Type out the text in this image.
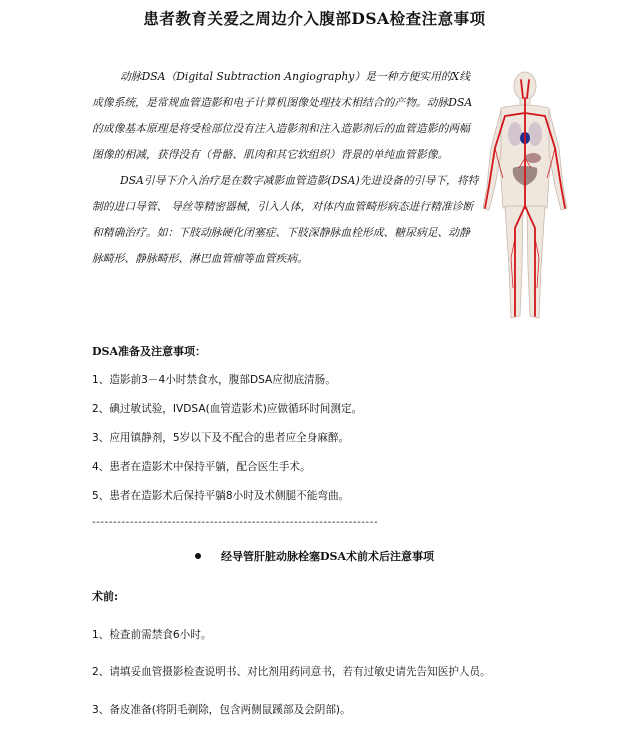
患者教育关爱之周边介入腹部DSA检查注意事项

动脉DSA（Digital Subtraction Angiography）是一种方便实用的X线成像系统，是常规血管造影和电子计算机图像处理技术相结合的产物。动脉DSA的成像基本原理是将受检部位没有注入造影剂和注入造影剂后的血管造影的两幅图像的相减，获得没有（骨骼、肌肉和其它软组织）背景的单纯血管影像。

DSA引导下介入治疗是在数字减影血管造影(DSA)先进设备的引导下，将特制的进口导管、 导丝等精密器械，引入人体，对体内血管畸形病态进行精准诊断和精确治疗。如：下肢动脉硬化闭塞症、下肢深静脉血栓形成、糖尿病足、动静脉畸形、静脉畸形、淋巴血管瘤等血管疾病。

DSA准备及注意事项：
1、造影前3－4小时禁食水，腹部DSA应彻底清肠。
2、碘过敏试验，IVDSA(血管造影术)应做循环时间测定。
3、应用镇静剂，5岁以下及不配合的患者应全身麻醉。
4、患者在造影术中保持平躺，配合医生手术。
5、患者在造影术后保持平躺8小时及术侧腿不能弯曲。
--------------------------------------------------------------------
经导管肝脏动脉栓塞DSA术前术后注意事项
术前:
1、检查前需禁食6小时。
2、请填妥血管摄影检查说明书、对比剂用药同意书，若有过敏史请先告知医护人员。
3、备皮准备(将阴毛剃除，包含两侧鼠蹊部及会阴部)。
